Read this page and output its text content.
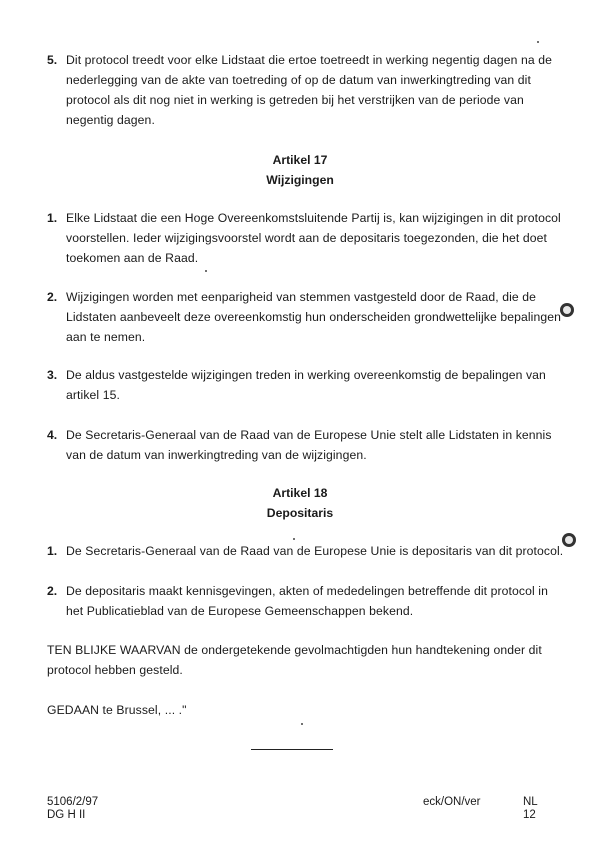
5. Dit protocol treedt voor elke Lidstaat die ertoe toetreedt in werking negentig dagen na de
nederlegging van de akte van toetreding of op de datum van inwerkingtreding van dit
protocol als dit nog niet in werking is getreden bij het verstrijken van de periode van
negentig dagen.
Artikel 17
Wijzigingen
1. Elke Lidstaat die een Hoge Overeenkomstsluitende Partij is, kan wijzigingen in dit protocol
voorstellen. Ieder wijzigingsvoorstel wordt aan de depositaris toegezonden, die het doet
toekomen aan de Raad.
2. Wijzigingen worden met eenparigheid van stemmen vastgesteld door de Raad, die de
Lidstaten aanbeveelt deze overeenkomstig hun onderscheiden grondwettelijke bepalingen
aan te nemen.
3. De aldus vastgestelde wijzigingen treden in werking overeenkomstig de bepalingen van
artikel 15.
4. De Secretaris-Generaal van de Raad van de Europese Unie stelt alle Lidstaten in kennis
van de datum van inwerkingtreding van de wijzigingen.
Artikel 18
Depositaris
1. De Secretaris-Generaal van de Raad van de Europese Unie is depositaris van dit protocol.
2. De depositaris maakt kennisgevingen, akten of mededelingen betreffende dit protocol in
het Publicatieblad van de Europese Gemeenschappen bekend.
TEN BLIJKE WAARVAN de ondergetekende gevolmachtigden hun handtekening onder dit
protocol hebben gesteld.
GEDAAN te Brussel, ... ."
5106/2/97
DG H II
eck/ON/ver	NL
12
